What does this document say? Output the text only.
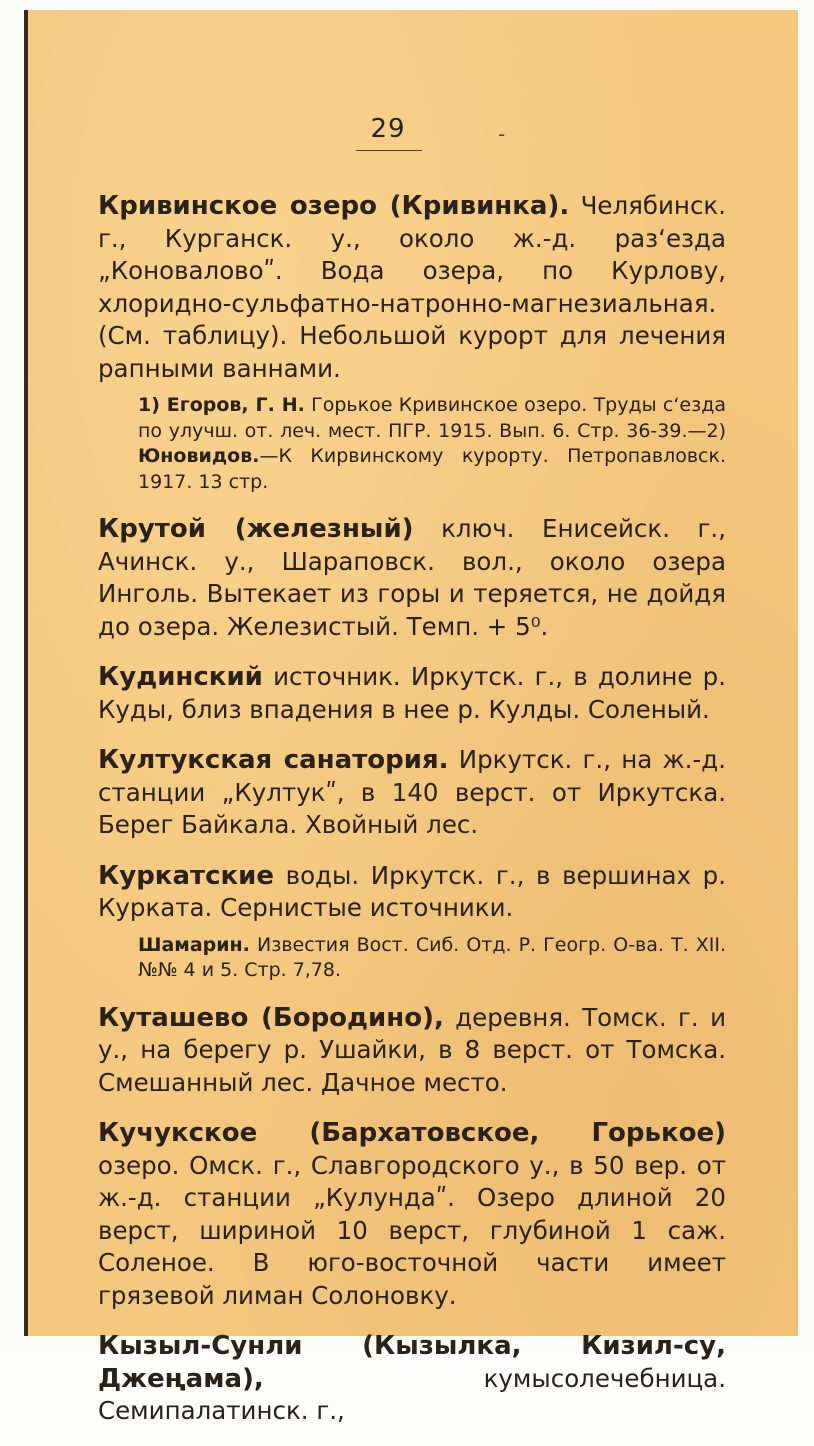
29	-

Кривинское озеро (Кривинка). Челябинск. г., Курганск. у., около ж.-д. раз‘езда „Коноваловоʺ. Вода озера, по Курлову, хлоридно-сульфатно-натронно-магнезиальная. (См. таблицу). Небольшой курорт для лечения рапными ваннами.

1) Егоров, Г. Н. Горькое Кривинское озеро. Труды с‘езда по улучш. от. леч. мест. ПГР. 1915. Вып. 6. Стр. 36-39.—2) Юновидов.—К Кирвинскому курорту. Петропавловск. 1917. 13 стр.

Крутой (железный) ключ. Енисейск. г., Ачинск. у., Шараповск. вол., около озера Инголь. Вытекает из горы и теряется, не дойдя до озера. Железистый. Темп. + 5⁰.

Кудинский источник. Иркутск. г., в долине р. Куды, близ впадения в нее р. Кулды. Соленый.

Култукская санатория. Иркутск. г., на ж.-д. станции „Култукʺ, в 140 верст. от Иркутска. Берег Байкала. Хвойный лес.

Куркатские воды. Иркутск. г., в вершинах р. Курката. Сернистые источники.

Шамарин. Известия Вост. Сиб. Отд. Р. Геогр. О-ва. Т. XII. №№ 4 и 5. Стр. 7,78.

Кутaшево (Бородино), деревня. Томск. г. и у., на берегу р. Ушайки, в 8 верст. от Томска. Смешанный лес. Дачное место.

Кучукское (Бархатовское, Горькое) озеро. Омск. г., Славгородского у., в 50 вер. от ж.-д. станции „Кулундаʺ. Озеро длиной 20 верст, шириной 10 верст, глубиной 1 саж. Соленое. В юго-восточной части имеет грязевой лиман Солоновку.

Кызыл-Сунли (Кызылка, Кизил-су, Джеңама),	кумысолечебница. Семипалатинск. г.,
